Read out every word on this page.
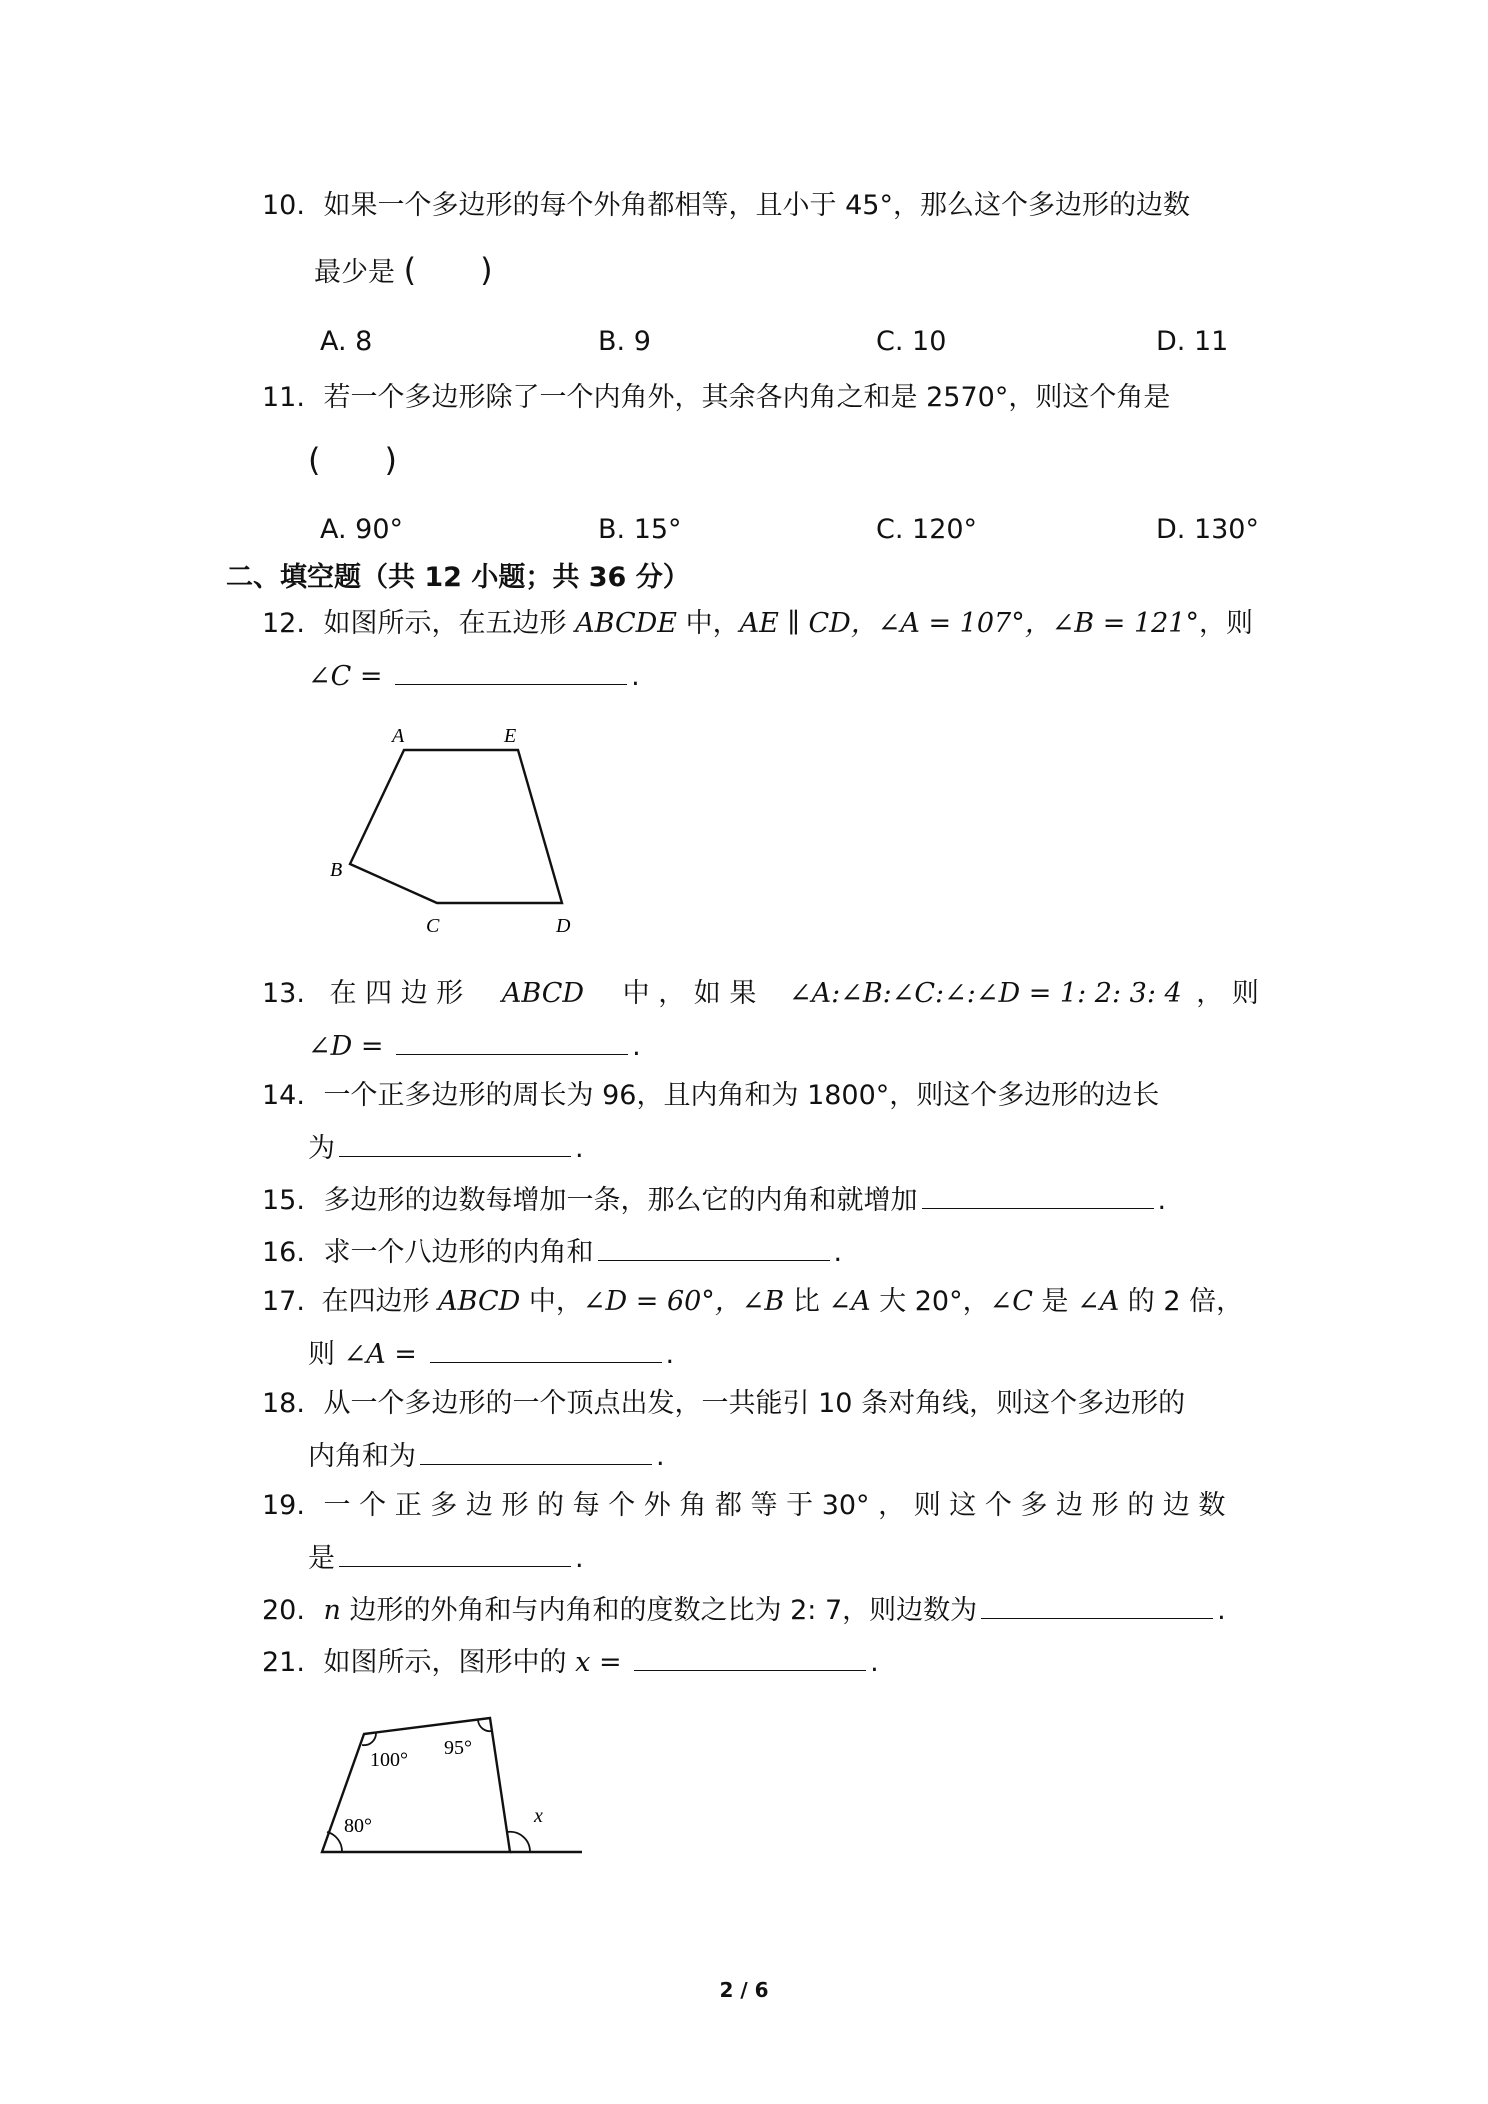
10. 如果一个多边形的每个外角都相等，且小于 45°，那么这个多边形的边数
最少是 (　　)
A. 8	B. 9	C. 10	D. 11
11. 若一个多边形除了一个内角外，其余各内角之和是 2570°，则这个角是
(　　)
A. 90°	B. 15°	C. 120°	D. 130°
二、填空题（共 12 小题；共 36 分）
12. 如图所示，在五边形 ABCDE 中，AE ∥ CD，∠A = 107°，∠B = 121°，则
∠C =	.
A	E
B
C	D
13. 在 四 边 形 ABCD 中 ， 如 果 ∠A:∠B:∠C:∠:∠D = 1: 2: 3: 4 ， 则
∠D =	.
14. 一个正多边形的周长为 96，且内角和为 1800°，则这个多边形的边长
为	.
15. 多边形的边数每增加一条，那么它的内角和就增加	.
16. 求一个八边形的内角和	.
17. 在四边形 ABCD 中，∠D = 60°，∠B 比 ∠A 大 20°，∠C 是 ∠A 的 2 倍，
则 ∠A =	.
18. 从一个多边形的一个顶点出发，一共能引 10 条对角线，则这个多边形的
内角和为	.
19. 一 个 正 多 边 形 的 每 个 外 角 都 等 于 30° ， 则 这 个 多 边 形 的 边 数
是	.
20. n 边形的外角和与内角和的度数之比为 2: 7，则边数为	.
21. 如图所示，图形中的 x =	.
100°
95°
80°	x
2 / 6
